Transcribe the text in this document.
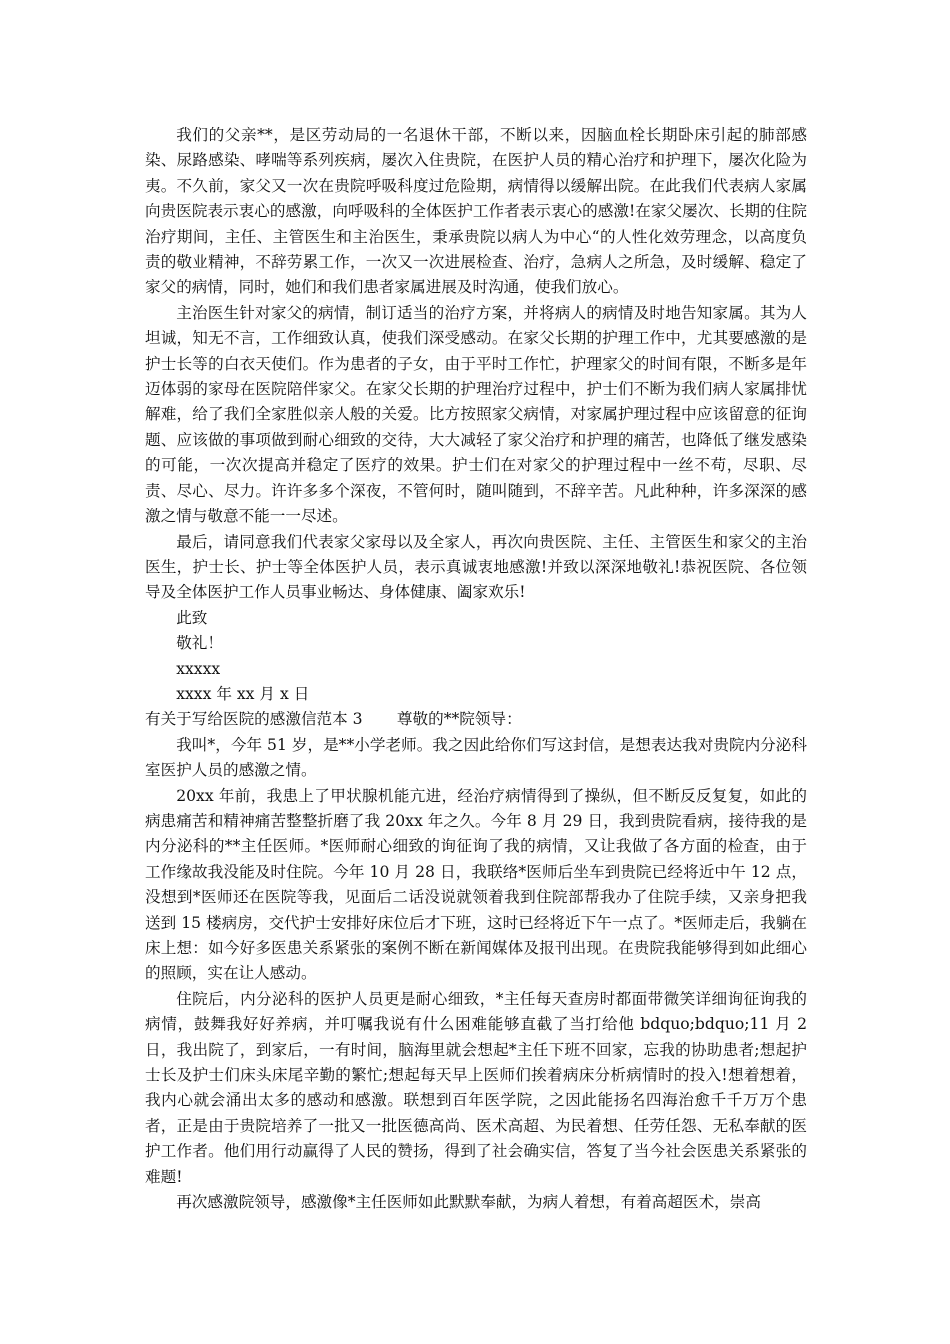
我们的父亲**，是区劳动局的一名退休干部，不断以来，因脑血栓长期卧床引起的肺部感染、尿路感染、哮喘等系列疾病，屡次入住贵院，在医护人员的精心治疗和护理下，屡次化险为夷。不久前，家父又一次在贵院呼吸科度过危险期，病情得以缓解出院。在此我们代表病人家属向贵医院表示衷心的感激，向呼吸科的全体医护工作者表示衷心的感激!在家父屡次、长期的住院治疗期间，主任、主管医生和主治医生，秉承贵院以病人为中心“的人性化效劳理念，以高度负责的敬业精神，不辞劳累工作，一次又一次进展检查、治疗，急病人之所急，及时缓解、稳定了家父的病情，同时，她们和我们患者家属进展及时沟通，使我们放心。

主治医生针对家父的病情，制订适当的治疗方案，并将病人的病情及时地告知家属。其为人坦诚，知无不言，工作细致认真，使我们深受感动。在家父长期的护理工作中，尤其要感激的是护士长等的白衣天使们。作为患者的子女，由于平时工作忙，护理家父的时间有限，不断多是年迈体弱的家母在医院陪伴家父。在家父长期的护理治疗过程中，护士们不断为我们病人家属排忧解难，给了我们全家胜似亲人般的关爱。比方按照家父病情，对家属护理过程中应该留意的征询题、应该做的事项做到耐心细致的交待，大大减轻了家父治疗和护理的痛苦，也降低了继发感染的可能，一次次提高并稳定了医疗的效果。护士们在对家父的护理过程中一丝不苟，尽职、尽责、尽心、尽力。许许多多个深夜，不管何时，随叫随到，不辞辛苦。凡此种种，许多深深的感激之情与敬意不能一一尽述。

最后，请同意我们代表家父家母以及全家人，再次向贵医院、主任、主管医生和家父的主治医生，护士长、护士等全体医护人员，表示真诚衷地感激!并致以深深地敬礼!恭祝医院、各位领导及全体医护工作人员事业畅达、身体健康、阖家欢乐!

此致

敬礼！

xxxxx

xxxx 年 xx 月 x 日

有关于写给医院的感激信范本 3 尊敬的**院领导：

我叫*，今年 51 岁，是**小学老师。我之因此给你们写这封信，是想表达我对贵院内分泌科室医护人员的感激之情。

20xx 年前，我患上了甲状腺机能亢进，经治疗病情得到了操纵，但不断反反复复，如此的病患痛苦和精神痛苦整整折磨了我 20xx 年之久。今年 8 月 29 日，我到贵院看病，接待我的是内分泌科的**主任医师。*医师耐心细致的询征询了我的病情，又让我做了各方面的检查，由于工作缘故我没能及时住院。今年 10 月 28 日，我联络*医师后坐车到贵院已经将近中午 12 点，没想到*医师还在医院等我，见面后二话没说就领着我到住院部帮我办了住院手续，又亲身把我送到 15 楼病房，交代护士安排好床位后才下班，这时已经将近下午一点了。*医师走后，我躺在床上想：如今好多医患关系紧张的案例不断在新闻媒体及报刊出现。在贵院我能够得到如此细心的照顾，实在让人感动。

住院后，内分泌科的医护人员更是耐心细致，*主任每天查房时都面带微笑详细询征询我的病情，鼓舞我好好养病，并叮嘱我说有什么困难能够直截了当打给他 bdquo;bdquo;11 月 2 日，我出院了，到家后，一有时间，脑海里就会想起*主任下班不回家，忘我的协助患者;想起护士长及护士们床头床尾辛勤的繁忙;想起每天早上医师们挨着病床分析病情时的投入!想着想着，我内心就会涌出太多的感动和感激。联想到百年医学院，之因此能扬名四海治愈千千万万个患者，正是由于贵院培养了一批又一批医德高尚、医术高超、为民着想、任劳任怨、无私奉献的医护工作者。他们用行动赢得了人民的赞扬，得到了社会确实信，答复了当今社会医患关系紧张的难题!

再次感激院领导，感激像*主任医师如此默默奉献，为病人着想，有着高超医术，崇高
